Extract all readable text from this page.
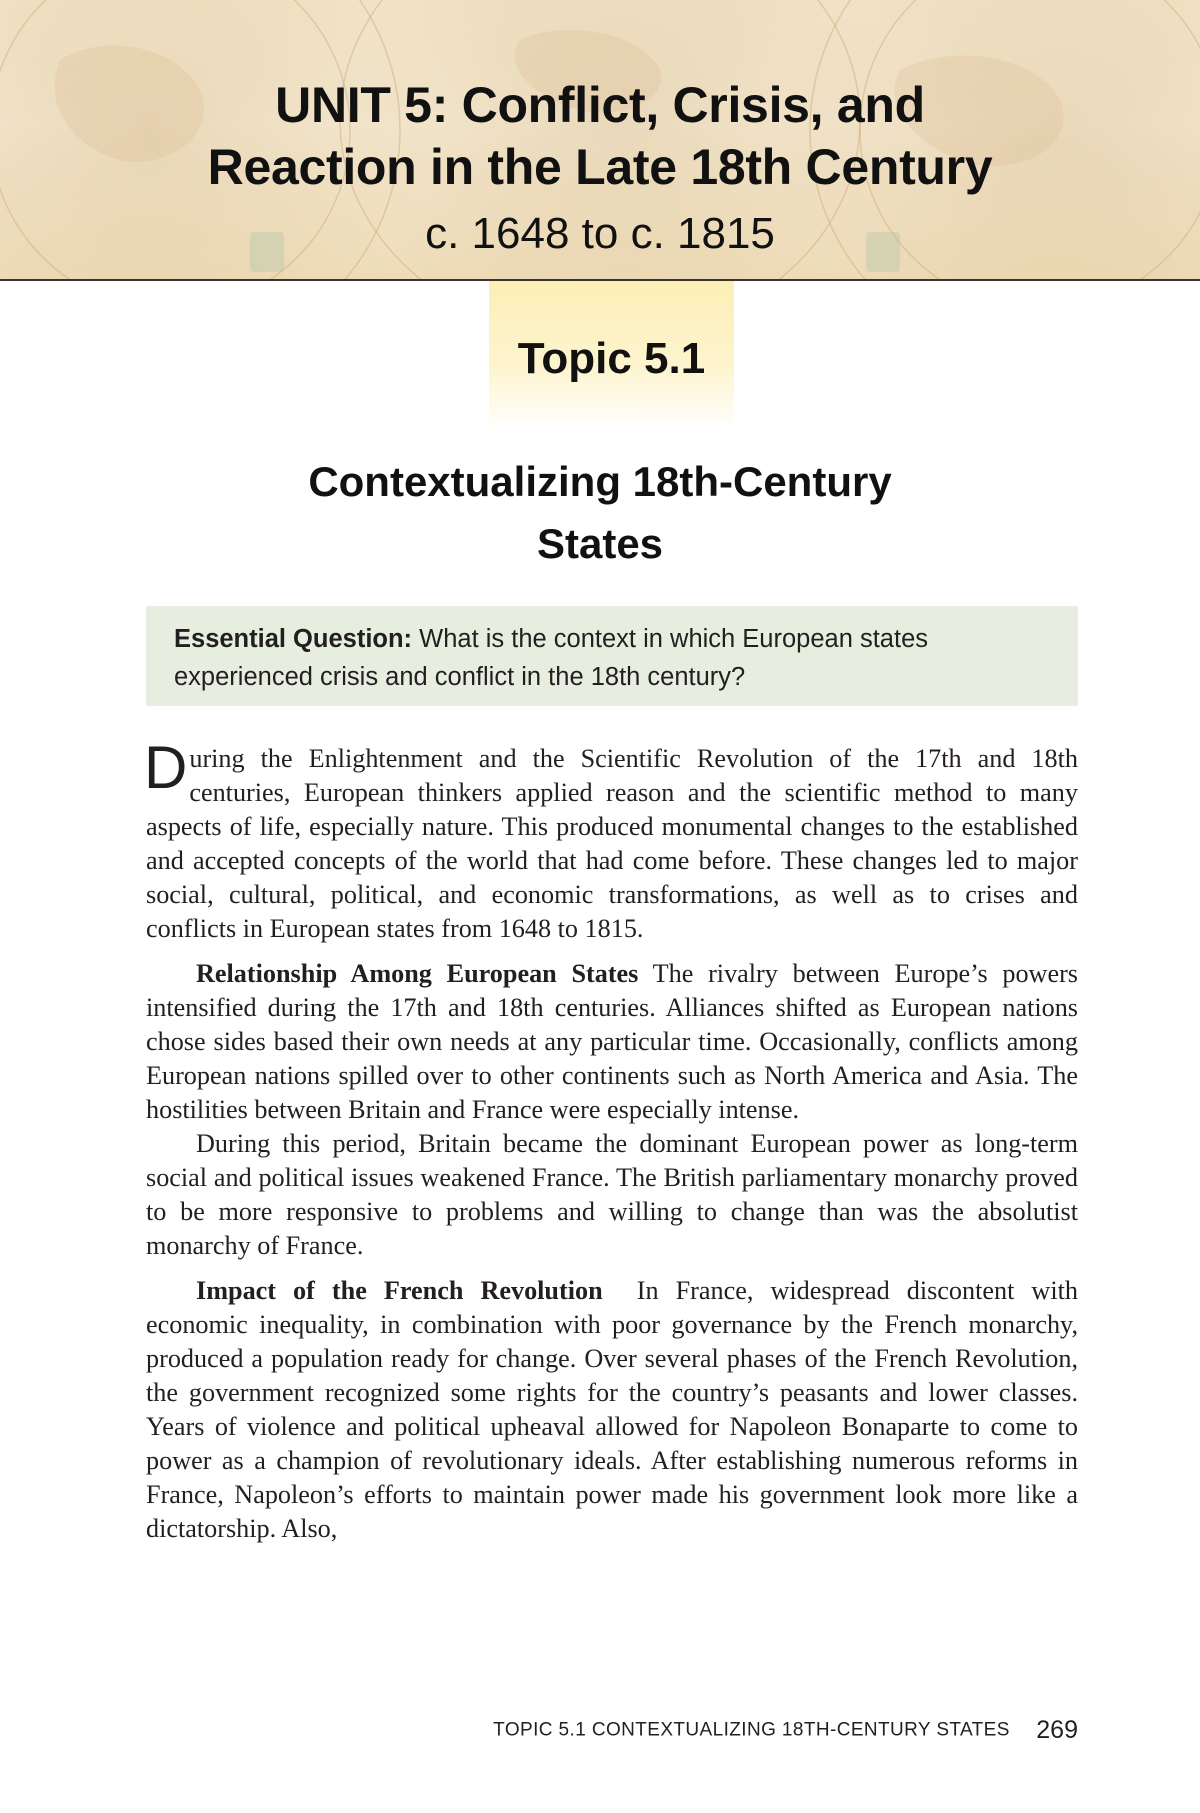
UNIT 5: Conflict, Crisis, and
Reaction in the Late 18th Century
c. 1648 to c. 1815
Topic 5.1
Contextualizing 18th-Century
States
Essential Question: What is the context in which European states experienced crisis and conflict in the 18th century?

During the Enlightenment and the Scientific Revolution of the 17th and 18th centuries, European thinkers applied reason and the scientific method to many aspects of life, especially nature. This produced monumental changes to the established and accepted concepts of the world that had come before. These changes led to major social, cultural, political, and economic transformations, as well as to crises and conflicts in European states from 1648 to 1815.

Relationship Among European States The rivalry between Europe’s powers intensified during the 17th and 18th centuries. Alliances shifted as European nations chose sides based their own needs at any particular time. Occasionally, conflicts among European nations spilled over to other continents such as North America and Asia. The hostilities between Britain and France were especially intense.

During this period, Britain became the dominant European power as long-term social and political issues weakened France. The British parliamentary monarchy proved to be more responsive to problems and willing to change than was the absolutist monarchy of France.

Impact of the French Revolution In France, widespread discontent with economic inequality, in combination with poor governance by the French monarchy, produced a population ready for change. Over several phases of the French Revolution, the government recognized some rights for the country’s peasants and lower classes. Years of violence and political upheaval allowed for Napoleon Bonaparte to come to power as a champion of revolutionary ideals. After establishing numerous reforms in France, Napoleon’s efforts to maintain power made his government look more like a dictatorship. Also,

TOPIC 5.1 CONTEXTUALIZING 18TH-CENTURY STATES 269
